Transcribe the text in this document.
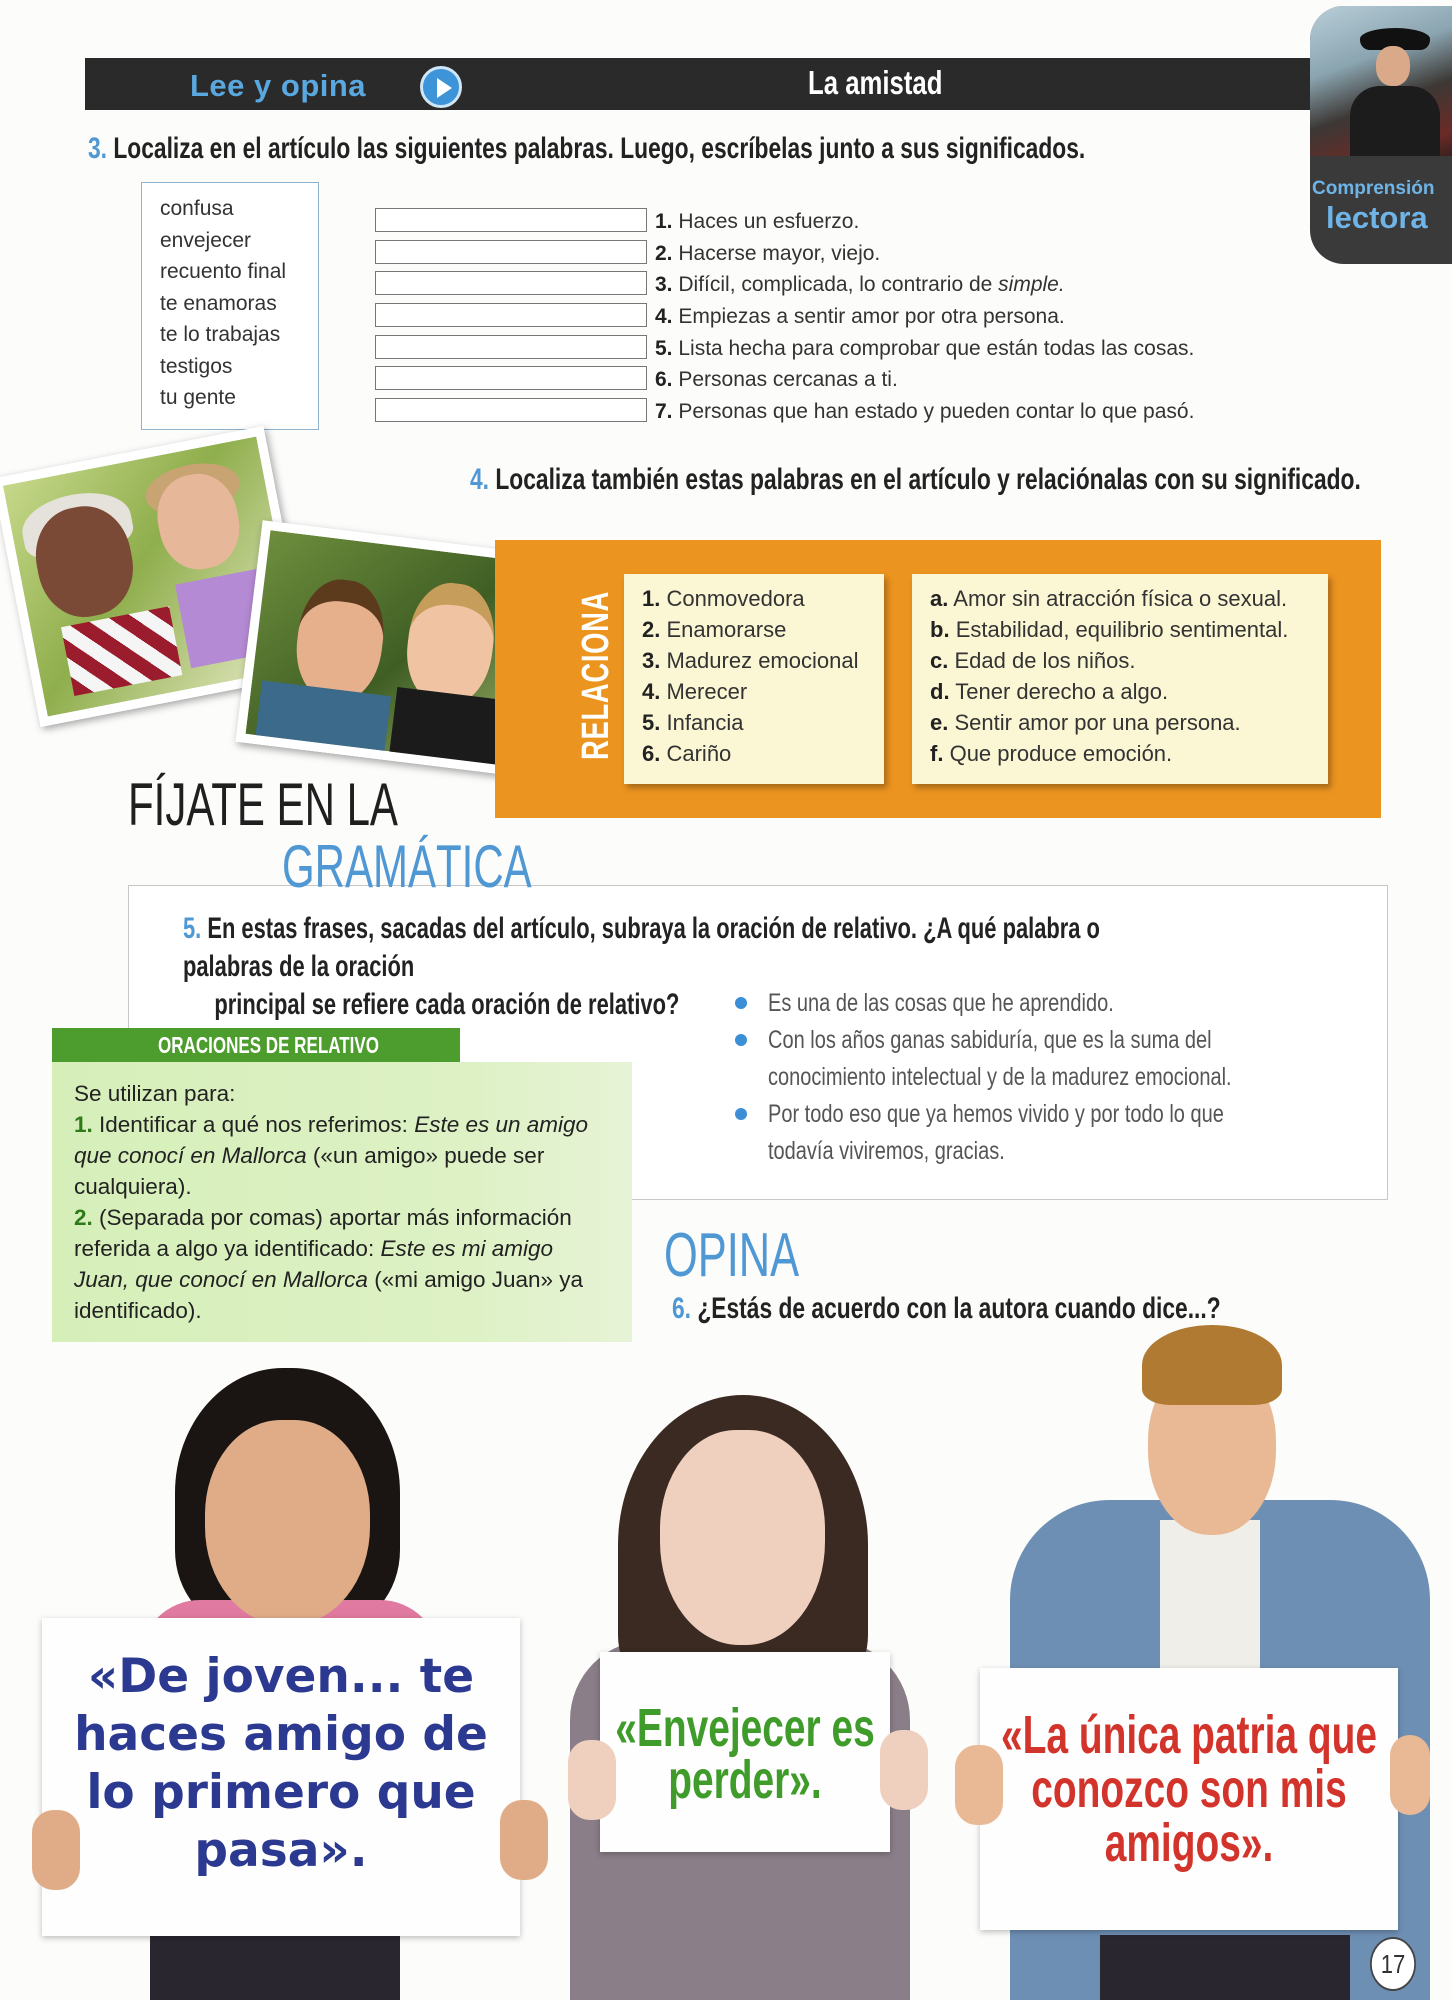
Lee y opina	La amistad
Comprensión
lectora
3. Localiza en el artículo las siguientes palabras. Luego, escríbelas junto a sus significados.
confusa
envejecer
recuento final
te enamoras
te lo trabajas
testigos
tu gente
1. Haces un esfuerzo.
2. Hacerse mayor, viejo.
3. Difícil, complicada, lo contrario de simple.
4. Empiezas a sentir amor por otra persona.
5. Lista hecha para comprobar que están todas las cosas.
6. Personas cercanas a ti.
7. Personas que han estado y pueden contar lo que pasó.
4. Localiza también estas palabras en el artículo y relaciónalas con su significado.
RELACIONA	1. Conmovedora
2. Enamorarse
3. Madurez emocional
4. Merecer
5. Infancia
6. Cariño
a. Amor sin atracción física o sexual.
b. Estabilidad, equilibrio sentimental.
c. Edad de los niños.
d. Tener derecho a algo.
e. Sentir amor por una persona.
f. Que produce emoción.
FÍJATE EN LA
GRAMÁTICA
5. En estas frases, sacadas del artículo, subraya la oración de relativo. ¿A qué palabra o palabras de la oración
principal se refiere cada oración de relativo?	Es una de las cosas que he aprendido.
Con los años ganas sabiduría, que es la suma del conocimiento intelectual y de la madurez emocional.
Por todo eso que ya hemos vivido y por todo lo que todavía viviremos, gracias.
ORACIONES DE RELATIVO
Se utilizan para:
1. Identificar a qué nos referimos: Este es un amigo que conocí en Mallorca («un amigo» puede ser cualquiera).
2. (Separada por comas) aportar más información referida a algo ya identificado: Este es mi amigo Juan, que conocí en Mallorca («mi amigo Juan» ya identificado).
OPINA
6. ¿Estás de acuerdo con la autora cuando dice...?
«De joven... te haces amigo de lo primero que pasa».
«Envejecer es perder».
«La única patria que conozco son mis amigos».
17
